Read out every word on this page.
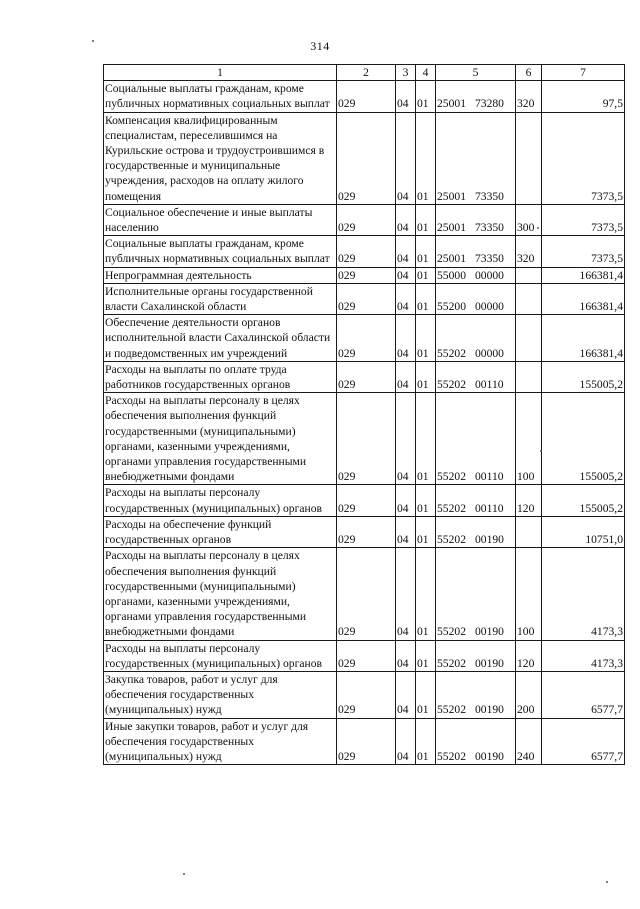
314
1	2	3	4	5	6	7
Социальные выплаты гражданам, кроме публичных нормативных социальных выплат	029	04	01	25001 73280	320	97,5
Компенсация квалифицированным специалистам, переселившимся на Курильские острова и трудоустроившимся в государственные и муниципальные учреждения, расходов на оплату жилого помещения	029	04	01	25001 73350		7373,5
Социальное обеспечение и иные выплаты населению	029	04	01	25001 73350	300	7373,5
Социальные выплаты гражданам, кроме публичных нормативных социальных выплат	029	04	01	25001 73350	320	7373,5
Непрограммная деятельность	029	04	01	55000 00000		166381,4
Исполнительные органы государственной власти Сахалинской области	029	04	01	55200 00000		166381,4
Обеспечение деятельности органов исполнительной власти Сахалинской области и подведомственных им учреждений	029	04	01	55202 00000		166381,4
Расходы на выплаты по оплате труда работников государственных органов	029	04	01	55202 00110		155005,2
Расходы на выплаты персоналу в целях обеспечения выполнения функций государственными (муниципальными) органами, казенными учреждениями, органами управления государственными внебюджетными фондами	029	04	01	55202 00110	100	155005,2
Расходы на выплаты персоналу государственных (муниципальных) органов	029	04	01	55202 00110	120	155005,2
Расходы на обеспечение функций государственных органов	029	04	01	55202 00190		10751,0
Расходы на выплаты персоналу в целях обеспечения выполнения функций государственными (муниципальными) органами, казенными учреждениями, органами управления государственными внебюджетными фондами	029	04	01	55202 00190	100	4173,3
Расходы на выплаты персоналу государственных (муниципальных) органов	029	04	01	55202 00190	120	4173,3
Закупка товаров, работ и услуг для обеспечения государственных (муниципальных) нужд	029	04	01	55202 00190	200	6577,7
Иные закупки товаров, работ и услуг для обеспечения государственных (муниципальных) нужд	029	04	01	55202 00190	240	6577,7
